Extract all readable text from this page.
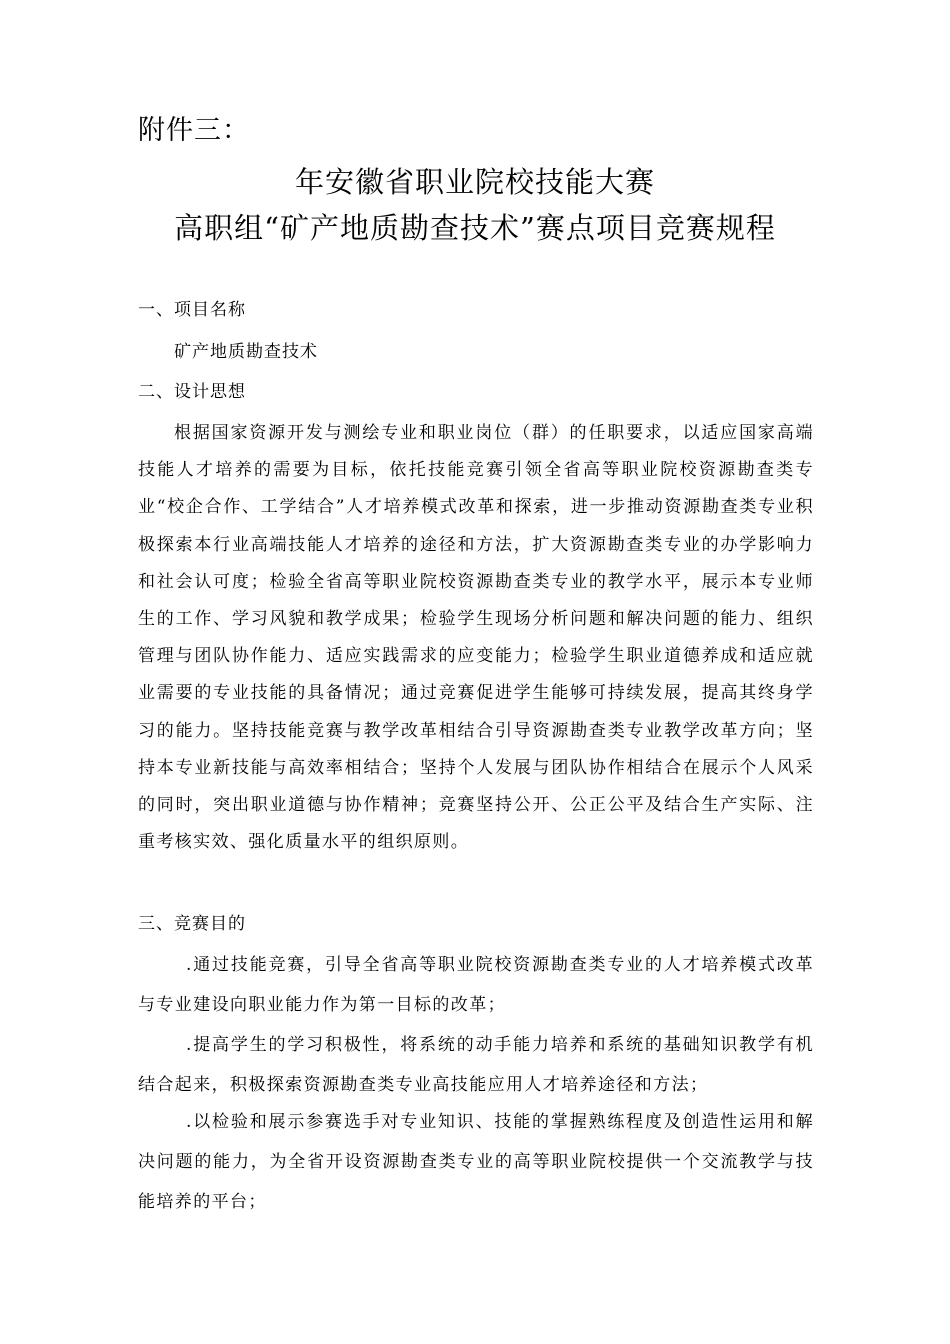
附件三：
年安徽省职业院校技能大赛
高职组“矿产地质勘查技术”赛点项目竞赛规程
一、项目名称
矿产地质勘查技术
二、设计思想

根据国家资源开发与测绘专业和职业岗位（群）的任职要求，以适应国家高端技能人才培养的需要为目标，依托技能竞赛引领全省高等职业院校资源勘查类专业“校企合作、工学结合”人才培养模式改革和探索，进一步推动资源勘查类专业积极探索本行业高端技能人才培养的途径和方法，扩大资源勘查类专业的办学影响力和社会认可度；检验全省高等职业院校资源勘查类专业的教学水平，展示本专业师生的工作、学习风貌和教学成果；检验学生现场分析问题和解决问题的能力、组织管理与团队协作能力、适应实践需求的应变能力；检验学生职业道德养成和适应就业需要的专业技能的具备情况；通过竞赛促进学生能够可持续发展，提高其终身学习的能力。坚持技能竞赛与教学改革相结合引导资源勘查类专业教学改革方向；坚持本专业新技能与高效率相结合；坚持个人发展与团队协作相结合在展示个人风采的同时，突出职业道德与协作精神；竞赛坚持公开、公正公平及结合生产实际、注重考核实效、强化质量水平的组织原则。

三、竞赛目的

.通过技能竞赛，引导全省高等职业院校资源勘查类专业的人才培养模式改革与专业建设向职业能力作为第一目标的改革；

.提高学生的学习积极性，将系统的动手能力培养和系统的基础知识教学有机结合起来，积极探索资源勘查类专业高技能应用人才培养途径和方法；

.以检验和展示参赛选手对专业知识、技能的掌握熟练程度及创造性运用和解决问题的能力，为全省开设资源勘查类专业的高等职业院校提供一个交流教学与技能培养的平台；
